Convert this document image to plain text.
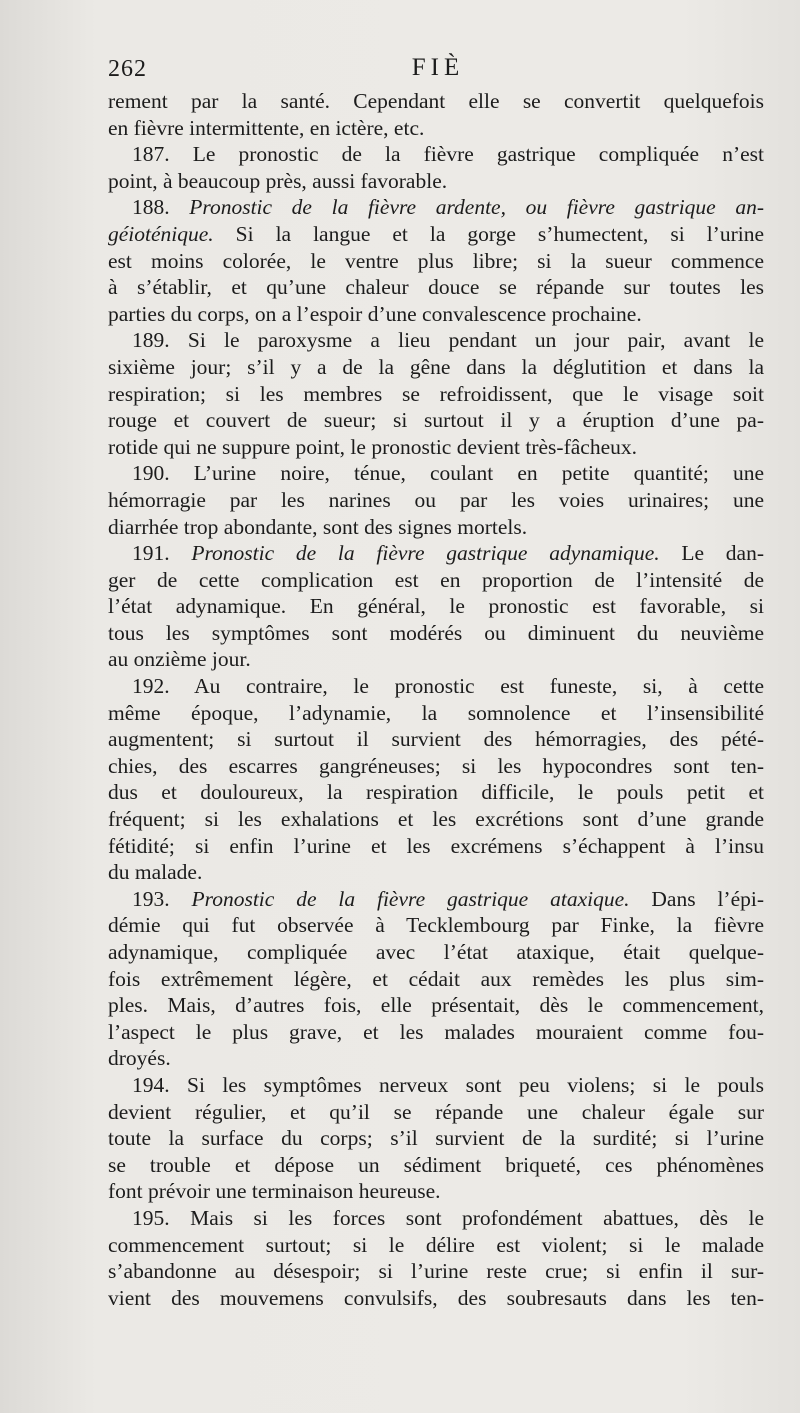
262	FIÈ
rement par la santé. Cependant elle se convertit quelquefois
en fièvre intermittente, en ictère, etc.
187. Le pronostic de la fièvre gastrique compliquée n’est
point, à beaucoup près, aussi favorable.
188. Pronostic de la fièvre ardente, ou fièvre gastrique an-
géioténique. Si la langue et la gorge s’humectent, si l’urine
est moins colorée, le ventre plus libre; si la sueur commence
à s’établir, et qu’une chaleur douce se répande sur toutes les
parties du corps, on a l’espoir d’une convalescence prochaine.
189. Si le paroxysme a lieu pendant un jour pair, avant le
sixième jour; s’il y a de la gêne dans la déglutition et dans la
respiration; si les membres se refroidissent, que le visage soit
rouge et couvert de sueur; si surtout il y a éruption d’une pa-
rotide qui ne suppure point, le pronostic devient très-fâcheux.
190. L’urine noire, ténue, coulant en petite quantité; une
hémorragie par les narines ou par les voies urinaires; une
diarrhée trop abondante, sont des signes mortels.
191. Pronostic de la fièvre gastrique adynamique. Le dan-
ger de cette complication est en proportion de l’intensité de
l’état adynamique. En général, le pronostic est favorable, si
tous les symptômes sont modérés ou diminuent du neuvième
au onzième jour.
192. Au contraire, le pronostic est funeste, si, à cette
même époque, l’adynamie, la somnolence et l’insensibilité
augmentent; si surtout il survient des hémorragies, des pété-
chies, des escarres gangréneuses; si les hypocondres sont ten-
dus et douloureux, la respiration difficile, le pouls petit et
fréquent; si les exhalations et les excrétions sont d’une grande
fétidité; si enfin l’urine et les excrémens s’échappent à l’insu
du malade.
193. Pronostic de la fièvre gastrique ataxique. Dans l’épi-
démie qui fut observée à Tecklembourg par Finke, la fièvre
adynamique, compliquée avec l’état ataxique, était quelque-
fois extrêmement légère, et cédait aux remèdes les plus sim-
ples. Mais, d’autres fois, elle présentait, dès le commencement,
l’aspect le plus grave, et les malades mouraient comme fou-
droyés.
194. Si les symptômes nerveux sont peu violens; si le pouls
devient régulier, et qu’il se répande une chaleur égale sur
toute la surface du corps; s’il survient de la surdité; si l’urine
se trouble et dépose un sédiment briqueté, ces phénomènes
font prévoir une terminaison heureuse.
195. Mais si les forces sont profondément abattues, dès le
commencement surtout; si le délire est violent; si le malade
s’abandonne au désespoir; si l’urine reste crue; si enfin il sur-
vient des mouvemens convulsifs, des soubresauts dans les ten-
